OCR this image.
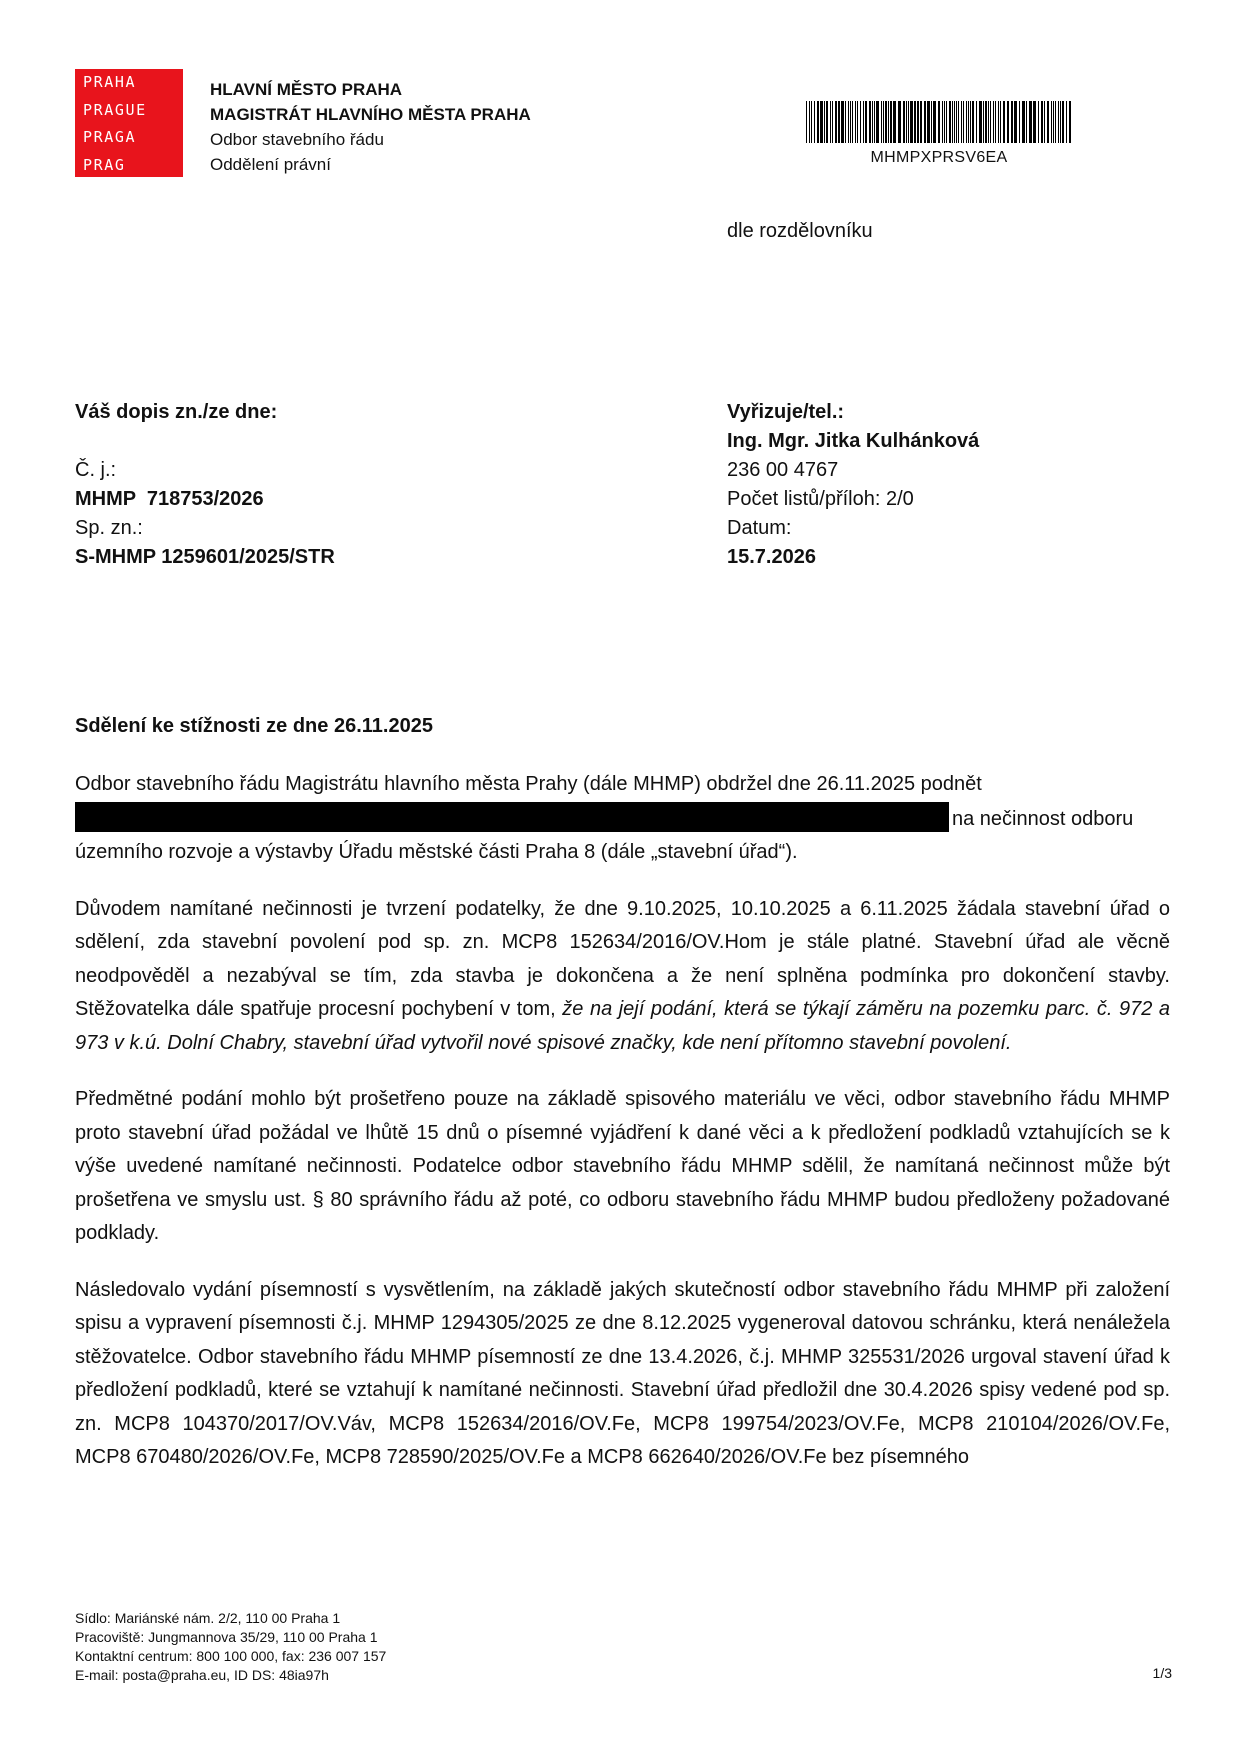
PRAHA
PRAGUE
PRAGA
PRAG
HLAVNÍ MĚSTO PRAHA
MAGISTRÁT HLAVNÍHO MĚSTA PRAHA
Odbor stavebního řádu
Oddělení právní	MHMPXPRSV6EA
dle rozdělovníku
Váš dopis zn./ze dne:
Č. j.:
MHMP  718753/2026
Sp. zn.:
S-MHMP 1259601/2025/STR
Vyřizuje/tel.:
Ing. Mgr. Jitka Kulhánková
236 00 4767
Počet listů/příloh: 2/0
Datum:
15.7.2026
Sdělení ke stížnosti ze dne 26.11.2025

Odbor stavebního řádu Magistrátu hlavního města Prahy (dále MHMP) obdržel dne 26.11.2025 podnět
na nečinnost odboru
územního rozvoje a výstavby Úřadu městské části Praha 8 (dále „stavební úřad“).

Důvodem namítané nečinnosti je tvrzení podatelky, že dne 9.10.2025, 10.10.2025 a 6.11.2025 žádala stavební úřad o sdělení, zda stavební povolení pod sp. zn. MCP8 152634/2016/OV.Hom je stále platné. Stavební úřad ale věcně neodpověděl a nezabýval se tím, zda stavba je dokončena a že není splněna podmínka pro dokončení stavby. Stěžovatelka dále spatřuje procesní pochybení v tom, že na její podání, která se týkají záměru na pozemku parc. č. 972 a 973 v k.ú. Dolní Chabry, stavební úřad vytvořil nové spisové značky, kde není přítomno stavební povolení.

Předmětné podání mohlo být prošetřeno pouze na základě spisového materiálu ve věci, odbor stavebního řádu MHMP proto stavební úřad požádal ve lhůtě 15 dnů o písemné vyjádření k dané věci a k předložení podkladů vztahujících se k výše uvedené namítané nečinnosti. Podatelce odbor stavebního řádu MHMP sdělil, že namítaná nečinnost může být prošetřena ve smyslu ust. § 80 správního řádu až poté, co odboru stavebního řádu MHMP budou předloženy požadované podklady.

Následovalo vydání písemností s vysvětlením, na základě jakých skutečností odbor stavebního řádu MHMP při založení spisu a vypravení písemnosti č.j. MHMP 1294305/2025 ze dne 8.12.2025 vygeneroval datovou schránku, která nenáležela stěžovatelce. Odbor stavebního řádu MHMP písemností ze dne 13.4.2026, č.j. MHMP 325531/2026 urgoval stavení úřad k předložení podkladů, které se vztahují k namítané nečinnosti. Stavební úřad předložil dne 30.4.2026 spisy vedené pod sp. zn. MCP8 104370/2017/OV.Váv, MCP8 152634/2016/OV.Fe, MCP8 199754/2023/OV.Fe, MCP8 210104/2026/OV.Fe, MCP8 670480/2026/OV.Fe, MCP8 728590/2025/OV.Fe a MCP8 662640/2026/OV.Fe bez písemného

Sídlo: Mariánské nám. 2/2, 110 00 Praha 1
Pracoviště: Jungmannova 35/29, 110 00 Praha 1
Kontaktní centrum: 800 100 000, fax: 236 007 157
E-mail: posta@praha.eu, ID DS: 48ia97h	1/3
